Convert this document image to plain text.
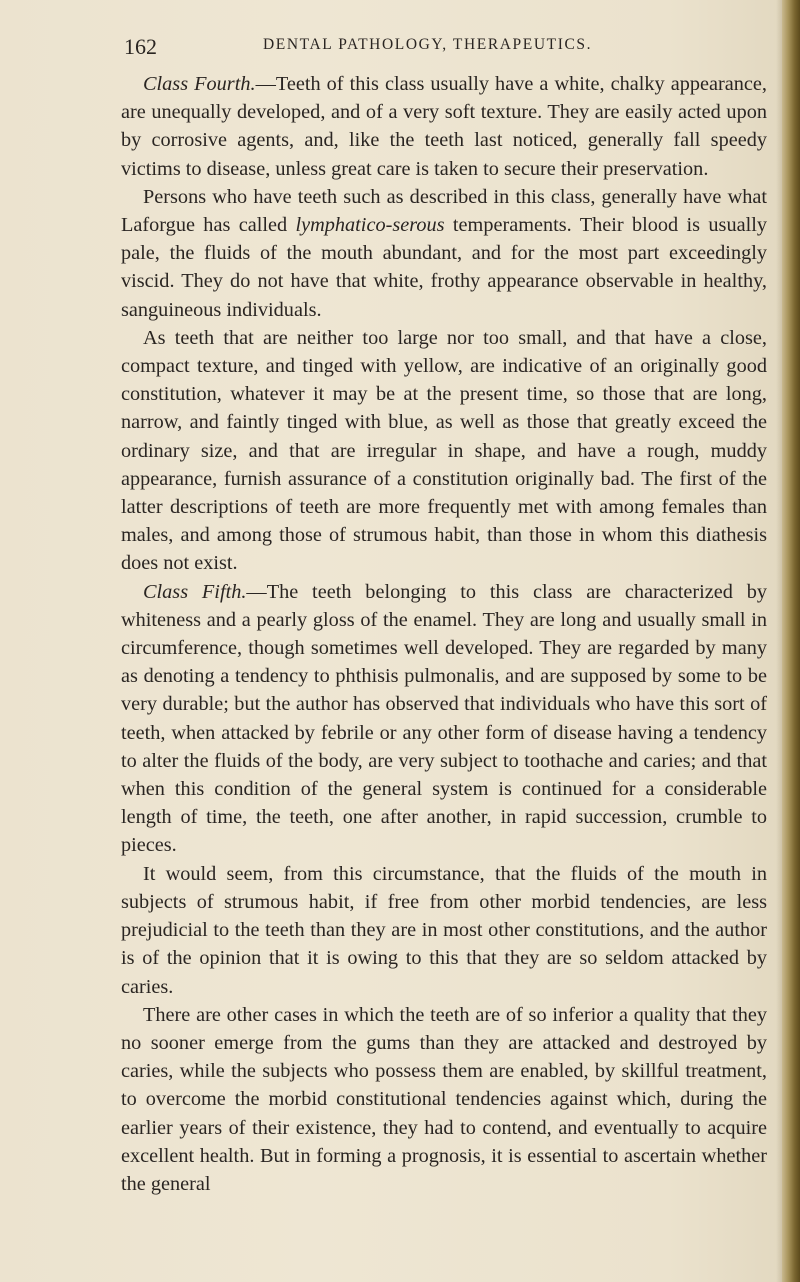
162	DENTAL PATHOLOGY, THERAPEUTICS.

Class Fourth.—Teeth of this class usually have a white, chalky appearance, are unequally developed, and of a very soft texture. They are easily acted upon by corrosive agents, and, like the teeth last noticed, generally fall speedy victims to disease, unless great care is taken to secure their preservation.

Persons who have teeth such as described in this class, generally have what Laforgue has called lymphatico-serous temperaments. Their blood is usually pale, the fluids of the mouth abundant, and for the most part exceedingly viscid. They do not have that white, frothy appearance observable in healthy, sanguineous individuals.

As teeth that are neither too large nor too small, and that have a close, compact texture, and tinged with yellow, are indicative of an originally good constitution, whatever it may be at the present time, so those that are long, narrow, and faintly tinged with blue, as well as those that greatly exceed the ordinary size, and that are irregular in shape, and have a rough, muddy appearance, furnish assurance of a constitution originally bad. The first of the latter descriptions of teeth are more frequently met with among females than males, and among those of strumous habit, than those in whom this diathesis does not exist.

Class Fifth.—The teeth belonging to this class are characterized by whiteness and a pearly gloss of the enamel. They are long and usually small in circumference, though sometimes well developed. They are regarded by many as denoting a tendency to phthisis pulmonalis, and are supposed by some to be very durable; but the author has observed that individuals who have this sort of teeth, when attacked by febrile or any other form of disease having a tendency to alter the fluids of the body, are very subject to toothache and caries; and that when this condition of the general system is continued for a considerable length of time, the teeth, one after another, in rapid succession, crumble to pieces.

It would seem, from this circumstance, that the fluids of the mouth in subjects of strumous habit, if free from other morbid tendencies, are less prejudicial to the teeth than they are in most other constitutions, and the author is of the opinion that it is owing to this that they are so seldom attacked by caries.

There are other cases in which the teeth are of so inferior a quality that they no sooner emerge from the gums than they are attacked and destroyed by caries, while the subjects who possess them are enabled, by skillful treatment, to overcome the morbid constitutional tendencies against which, during the earlier years of their existence, they had to contend, and eventually to acquire excellent health. But in forming a prognosis, it is essential to ascertain whether the general
